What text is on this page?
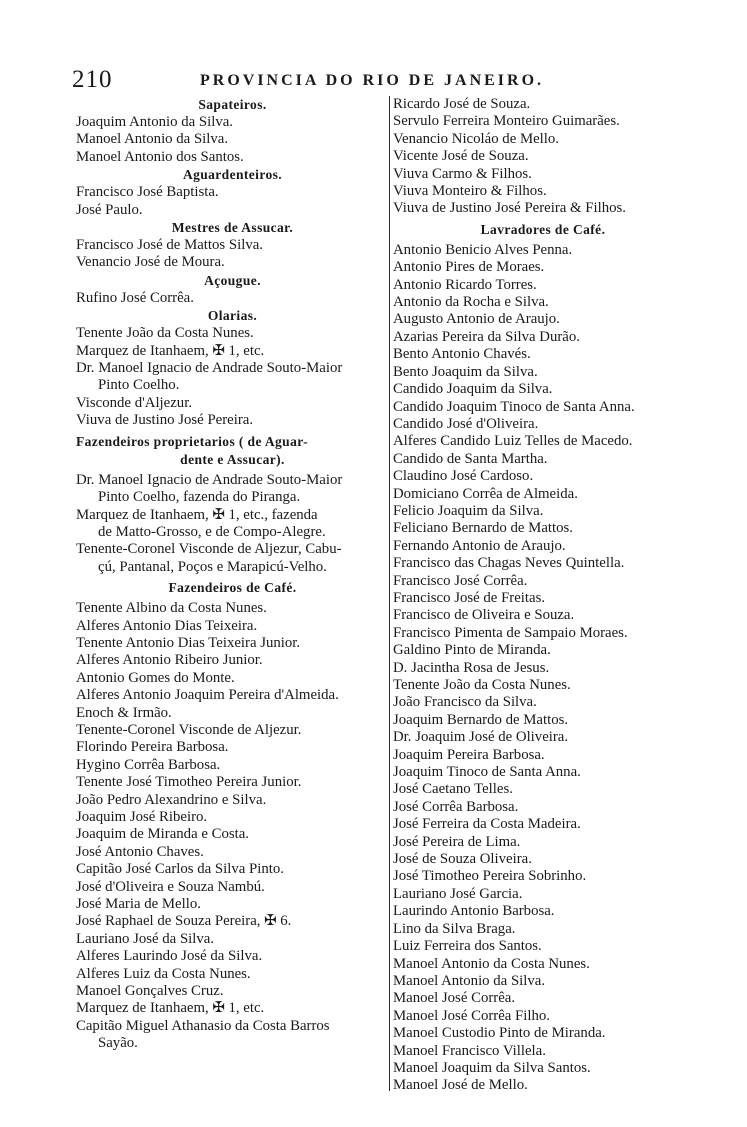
210	PROVINCIA DO RIO DE JANEIRO.
Sapateiros.
Joaquim Antonio da Silva.
Manoel Antonio da Silva.
Manoel Antonio dos Santos.
Aguardenteiros.
Francisco José Baptista.
José Paulo.
Mestres de Assucar.
Francisco José de Mattos Silva.
Venancio José de Moura.
Açougue.
Rufino José Corrêa.
Olarias.
Tenente João da Costa Nunes.
Marquez de Itanhaem, ✠ 1, etc.
Dr. Manoel Ignacio de Andrade Souto-Maior
Pinto Coelho.
Visconde d'Aljezur.
Viuva de Justino José Pereira.
Fazendeiros proprietarios ( de Aguar-
dente e Assucar).
Dr. Manoel Ignacio de Andrade Souto-Maior
Pinto Coelho, fazenda do Piranga.
Marquez de Itanhaem, ✠ 1, etc., fazenda
de Matto-Grosso, e de Compo-Alegre.
Tenente-Coronel Visconde de Aljezur, Cabu-
çú, Pantanal, Poços e Marapicú-Velho.
Fazendeiros de Café.
Tenente Albino da Costa Nunes.
Alferes Antonio Dias Teixeira.
Tenente Antonio Dias Teixeira Junior.
Alferes Antonio Ribeiro Junior.
Antonio Gomes do Monte.
Alferes Antonio Joaquim Pereira d'Almeida.
Enoch & Irmão.
Tenente-Coronel Visconde de Aljezur.
Florindo Pereira Barbosa.
Hygino Corrêa Barbosa.
Tenente José Timotheo Pereira Junior.
João Pedro Alexandrino e Silva.
Joaquim José Ribeiro.
Joaquim de Miranda e Costa.
José Antonio Chaves.
Capitão José Carlos da Silva Pinto.
José d'Oliveira e Souza Nambú.
José Maria de Mello.
José Raphael de Souza Pereira, ✠ 6.
Lauriano José da Silva.
Alferes Laurindo José da Silva.
Alferes Luiz da Costa Nunes.
Manoel Gonçalves Cruz.
Marquez de Itanhaem, ✠ 1, etc.
Capitão Miguel Athanasio da Costa Barros
Sayão.
Ricardo José de Souza.
Servulo Ferreira Monteiro Guimarães.
Venancio Nicoláo de Mello.
Vicente José de Souza.
Viuva Carmo & Filhos.
Viuva Monteiro & Filhos.
Viuva de Justino José Pereira & Filhos.
Lavradores de Café.
Antonio Benicio Alves Penna.
Antonio Pires de Moraes.
Antonio Ricardo Torres.
Antonio da Rocha e Silva.
Augusto Antonio de Araujo.
Azarias Pereira da Silva Durão.
Bento Antonio Chavés.
Bento Joaquim da Silva.
Candido Joaquim da Silva.
Candido Joaquim Tinoco de Santa Anna.
Candido José d'Oliveira.
Alferes Candido Luiz Telles de Macedo.
Candido de Santa Martha.
Claudino José Cardoso.
Domiciano Corrêa de Almeida.
Felicio Joaquim da Silva.
Feliciano Bernardo de Mattos.
Fernando Antonio de Araujo.
Francisco das Chagas Neves Quintella.
Francisco José Corrêa.
Francisco José de Freitas.
Francisco de Oliveira e Souza.
Francisco Pimenta de Sampaio Moraes.
Galdino Pinto de Miranda.
D. Jacintha Rosa de Jesus.
Tenente João da Costa Nunes.
João Francisco da Silva.
Joaquim Bernardo de Mattos.
Dr. Joaquim José de Oliveira.
Joaquim Pereira Barbosa.
Joaquim Tinoco de Santa Anna.
José Caetano Telles.
José Corrêa Barbosa.
José Ferreira da Costa Madeira.
José Pereira de Lima.
José de Souza Oliveira.
José Timotheo Pereira Sobrinho.
Lauriano José Garcia.
Laurindo Antonio Barbosa.
Lino da Silva Braga.
Luiz Ferreira dos Santos.
Manoel Antonio da Costa Nunes.
Manoel Antonio da Silva.
Manoel José Corrêa.
Manoel José Corrêa Filho.
Manoel Custodio Pinto de Miranda.
Manoel Francisco Villela.
Manoel Joaquim da Silva Santos.
Manoel José de Mello.
